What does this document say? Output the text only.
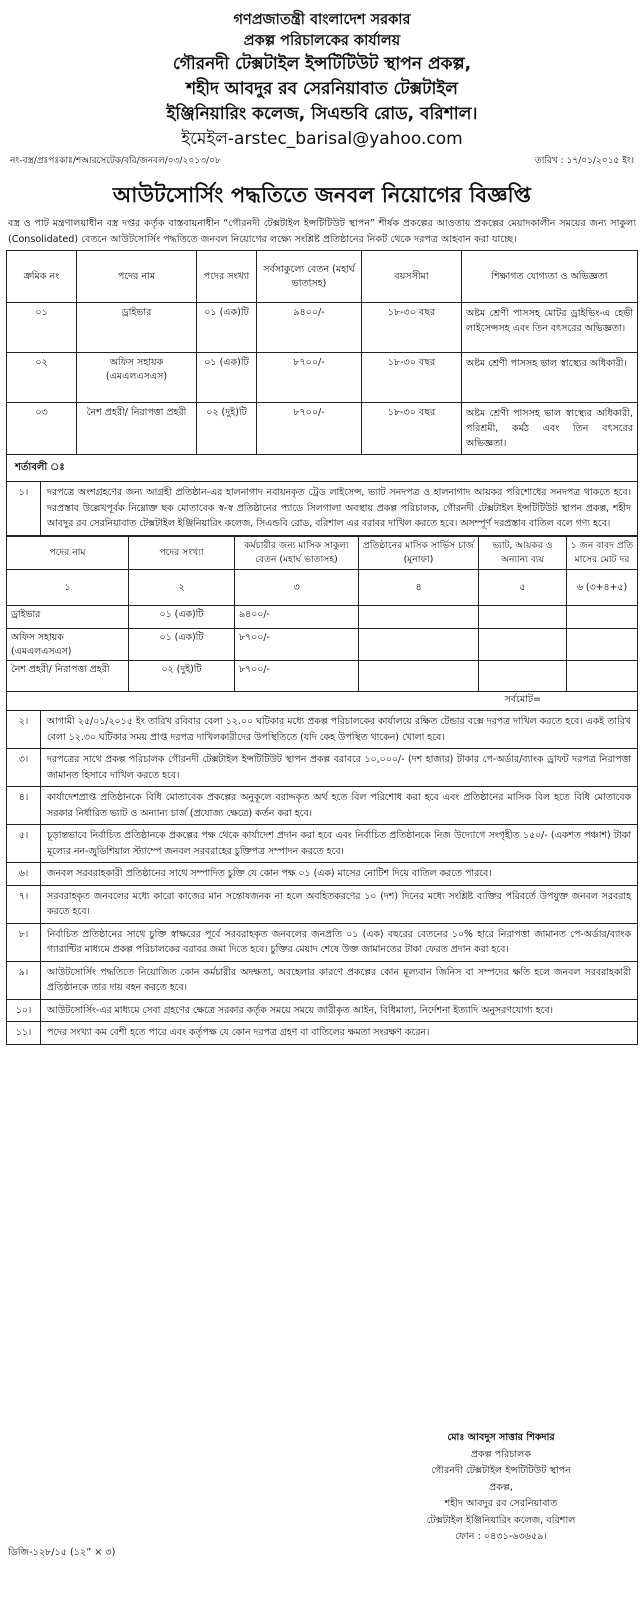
গণপ্রজাতন্ত্রী বাংলাদেশ সরকার
প্রকল্প পরিচালকের কার্যালয়
গৌরনদী টেক্সটাইল ইন্সটিটিউট স্থাপন প্রকল্প,
শহীদ আবদুর রব সেরনিয়াবাত টেক্সটাইল
ইঞ্জিনিয়ারিং কলেজ, সিএন্ডবি রোড, বরিশাল।
ইমেইল-arstec_barisal@yahoo.com
নং-বস্ত্র/প্রঃপঃকাঃ/শআরসেটেক/বরি/জনবল/০৩/২০১৩/০৮	তারিখ : ১৭/০১/২০১৫ ইং।
আউটসোর্সিং পদ্ধতিতে জনবল নিয়োগের বিজ্ঞপ্তি
বস্ত্র ও পাট মন্ত্রণালয়াধীন বস্ত্র দপ্তর কর্তৃক বাস্তবায়নাধীন “গৌরনদী টেক্সটাইল ইন্সটিটিউট স্থাপন” শীর্ষক প্রকল্পের আওতায় প্রকল্পের মেয়াদকালীন সময়ের জন্য সাকুল্য (Consolidated) বেতনে আউটসোর্সিং পদ্ধতিতে জনবল নিয়োগের লক্ষ্যে সংশ্লিষ্ট প্রতিষ্ঠানের নিকট থেকে দরপত্র আহবান করা যাচ্ছে।
ক্রমিক নং	পদের নাম	পদের সংখ্যা	সর্বসাকুল্যে বেতন (মহার্ঘ ভাতাসহ)	বয়সসীমা	শিক্ষাগত যোগ্যতা ও অভিজ্ঞতা
০১	ড্রাইভার	০১ (এক)টি	৯৪০০/-	১৮-৩০ বছর	অষ্টম শ্রেণী পাসসহ মোটর ড্রাইভিং-এ হেভী লাইসেন্সসহ এবং তিন বৎসরের অভিজ্ঞতা।
০২	অফিস সহায়ক (এমএলএসএস)	০১ (এক)টি	৮৭০০/-	১৮-৩০ বছর	অষ্টম শ্রেণী পাসসহ ভাল স্বাস্থ্যের অধিকারী।
০৩	নৈশ প্রহরী/ নিরাপত্তা প্রহরী	০২ (দুই)টি	৮৭০০/-	১৮-৩০ বছর	অষ্টম শ্রেণী পাসসহ ভাল স্বাস্থ্যের অধিকারী, পরিশ্রমী, কর্মঠ এবং তিন বৎসরের অভিজ্ঞতা।
শর্তাবলী ঃ
১।	দরপত্রে অংশগ্রহণের জন্য আগ্রহী প্রতিষ্ঠান-এর হালনাগাদ নবায়নকৃত ট্রেড লাইসেন্স, ভ্যাট সনদপত্র ও হালনাগাদ আয়কর পরিশোধের সনদপত্র থাকতে হবে। দরপ্রস্তাব উল্লেখপূর্বক নিম্নোক্ত ছক মোতাবেক স্ব-স্ব প্রতিষ্ঠানের প্যাডে সিলগালা অবস্থায় প্রকল্প পরিচালক, গৌরনদী টেক্সটাইল ইন্সটিটিউট স্থাপন প্রকল্প, শহীদ আবদুর রব সেরনিয়াবাত টেক্সটাইল ইঞ্জিনিয়ারিং কলেজ, সিএন্ডবি রোড, বরিশাল এর বরাবর দাখিল করতে হবে। অসম্পূর্ণ দরপ্রস্তাব বাতিল বলে গণ্য হবে।
পদের নাম	পদের সংখ্যা	কর্মচারীর জন্য মাসিক সাকুল্য বেতন (মহার্ঘ ভাতাসহ)	প্রতিষ্ঠানের মাসিক সার্ভিস চার্জ (মুনাফা)	ভ্যাট, আয়কর ও অন্যান্য ব্যয়	১ জন বাবদ প্রতি মাসের মোট দর
১	২	৩	৪	৫	৬ (৩+৪+৫)
ড্রাইভার	০১ (এক)টি	৯৪০০/-			
অফিস সহায়ক (এমএলএসএস)	০১ (এক)টি	৮৭০০/-			
নৈশ প্রহরী/ নিরাপত্তা প্রহরী	০২ (দুই)টি	৮৭০০/-			
সর্বমোট=
২।	আগামী ২৫/০১/২০১৫ ইং তারিখ রবিবার বেলা ১২.০০ ঘটিকার মধ্যে প্রকল্প পরিচালকের কার্যালয়ে রক্ষিত টেন্ডার বক্সে দরপত্র দাখিল করতে হবে। একই তারিখ বেলা ১২.৩০ ঘটিকার সময় প্রাপ্ত দরপত্র দাখিলকারীদের উপস্থিতিতে (যদি কেহ উপস্থিত থাকেন) খোলা হবে।
৩।	দরপত্রের সাথে প্রকল্প পরিচালক গৌরনদী টেক্সটাইল ইন্সটিটিউট স্থাপন প্রকল্প বরাবরে ১০,০০০/- (দশ হাজার) টাকার পে-অর্ডার/ব্যাংক ড্রাফট দরপত্র নিরাপত্তা জামানত হিসাবে দাখিল করতে হবে।
৪।	কার্যাদেশপ্রাপ্ত প্রতিষ্ঠানকে বিধি মোতাবেক প্রকল্পের অনুকূলে বরাদ্দকৃত অর্থ হতে বিল পরিশোধ করা হবে এবং প্রতিষ্ঠানের মাসিক বিল হতে বিধি মোতাবেক সরকার নির্ধারিত ভ্যাট ও অন্যান্য চার্জ (প্রযোজ্য ক্ষেত্রে) কর্তন করা হবে।
৫।	চূড়ান্তভাবে নির্বাচিত প্রতিষ্ঠানকে প্রকল্পের পক্ষ থেকে কার্যাদেশ প্রদান করা হবে এবং নির্বাচিত প্রতিষ্ঠানকে নিজ উদ্যোগে সংগৃহীত ১৫০/- (একশত পঞ্চাশ) টাকা মূল্যের নন-জুডিশিয়াল স্ট্যাম্পে জনবল সরবরাহের চুক্তিপত্র সম্পাদন করতে হবে।
৬।	জনবল সরবরাহকারী প্রতিষ্ঠানের সাথে সম্পাদিত চুক্তি যে কোন পক্ষ ০১ (এক) মাসের নোটিশ দিয়ে বাতিল করতে পারবে।
৭।	সরবরাহকৃত জনবলের মধ্যে কারো কাজের মান সন্তোষজনক না হলে অবহিতকরণের ১০ (দশ) দিনের মধ্যে সংশ্লিষ্ট ব্যক্তির পরিবর্তে উপযুক্ত জনবল সরবরাহ করতে হবে।
৮।	নির্বাচিত প্রতিষ্ঠানের সাথে চুক্তি স্বাক্ষরের পূর্বে সরবরাহকৃত জনবলের জনপ্রতি ০১ (এক) বছরের বেতনের ১০% হারে নিরাপত্তা জামানত পে-অর্ডার/ব্যাংক গ্যারান্টির মাধ্যমে প্রকল্প পরিচালকের বরাবর জমা দিতে হবে। চুক্তির মেয়াদ শেষে উক্ত জামানতের টাকা ফেরত প্রদান করা হবে।
৯।	আউটসোর্সিং পদ্ধতিতে নিয়োজিত কোন কর্মচারীর অদক্ষতা, অবহেলার কারণে প্রকল্পের কোন মূল্যবান জিনিস বা সম্পদের ক্ষতি হলে জনবল সরবরাহকারী প্রতিষ্ঠানকে তার দায় বহন করতে হবে।
১০।	আউটসোর্সিং-এর মাধ্যমে সেবা গ্রহণের ক্ষেত্রে সরকার কর্তৃক সময়ে সময়ে জারীকৃত আইন, বিধিমালা, নির্দেশনা ইত্যাদি অনুসরণযোগ্য হবে।
১১।	পদের সংখ্যা কম বেশী হতে পারে এবং কর্তৃপক্ষ যে কোন দরপত্র গ্রহণ বা বাতিলের ক্ষমতা সংরক্ষণ করেন।
মোঃ আবদুস সাত্তার শিকদার
প্রকল্প পরিচালক
গৌরনদী টেক্সটাইল ইন্সটিটিউট স্থাপন
প্রকল্প,
শহীদ আবদুর রব সেরনিয়াবাত
টেক্সটাইল ইঞ্জিনিয়ারিং কলেজ, বরিশাল
ফোন : ০৪৩১-৬৩৬৫৯।
ডিজি-১২৮/১৫ (১২” × ৩)
